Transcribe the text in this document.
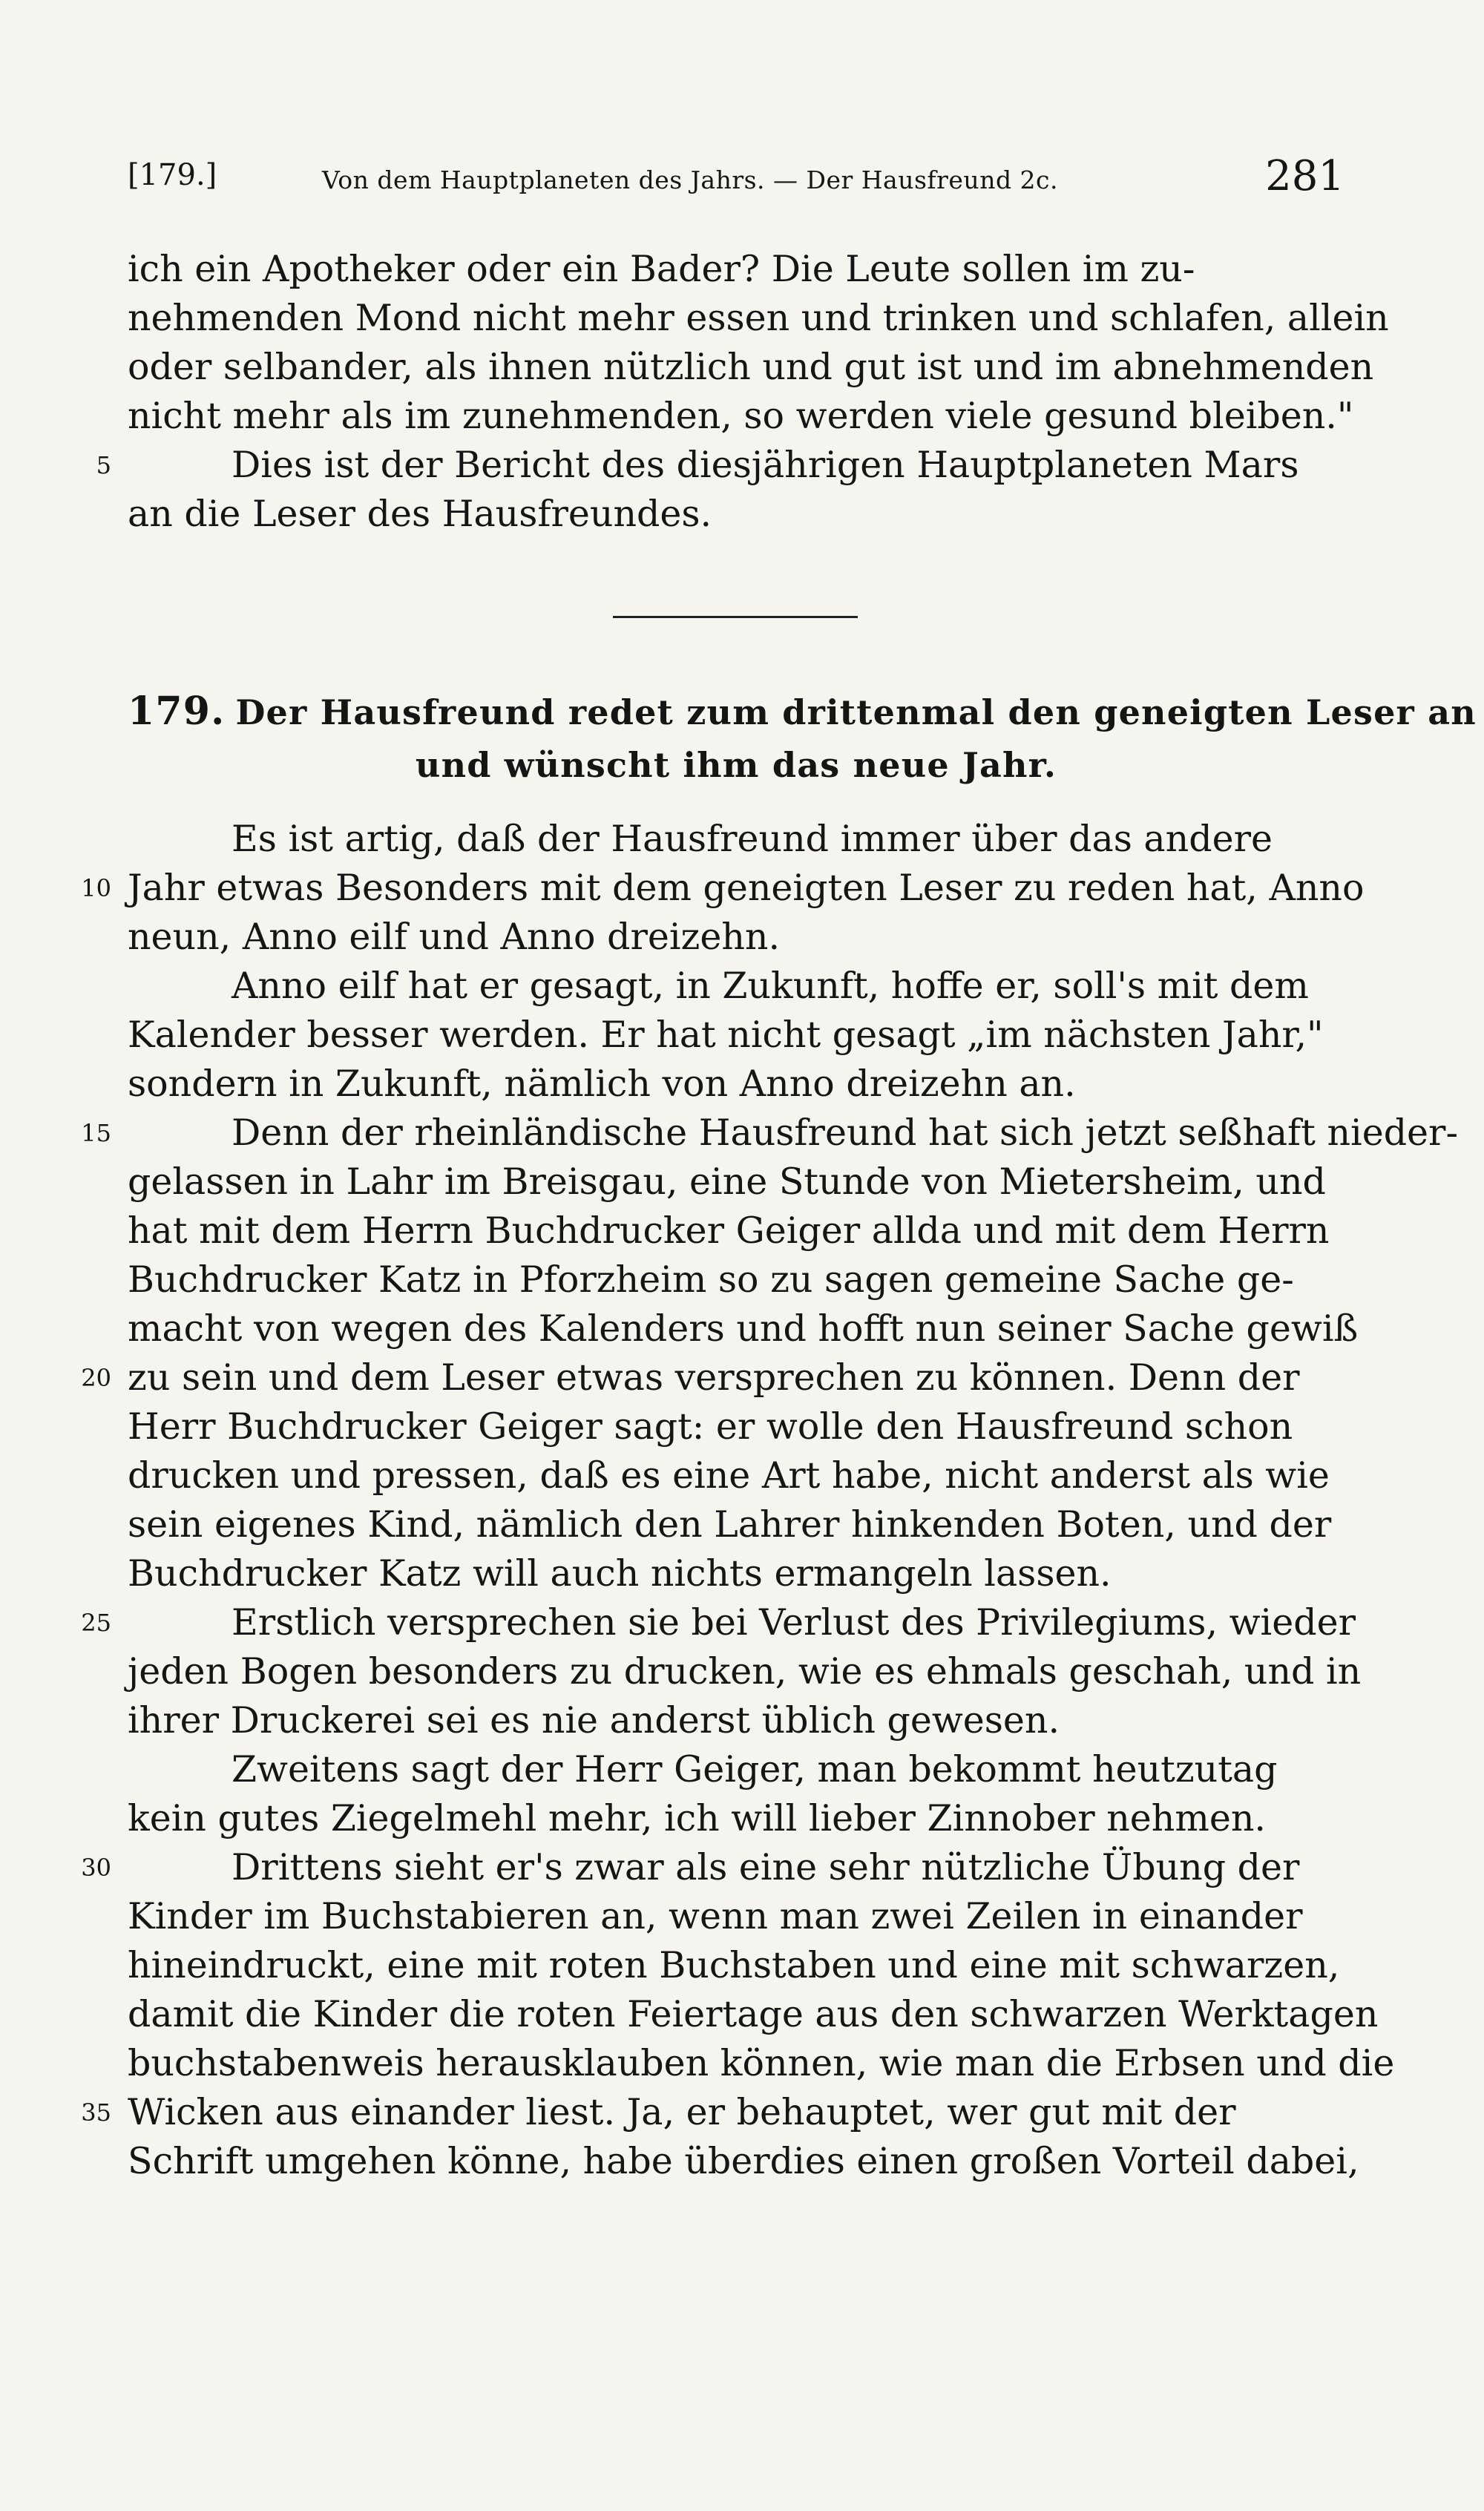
[179.]	Von dem Hauptplaneten des Jahrs. — Der Hausfreund 2c.	281
ich ein Apotheker oder ein Bader? Die Leute sollen im zu-
nehmenden Mond nicht mehr essen und trinken und schlafen, allein
oder selbander, als ihnen nützlich und gut ist und im abnehmenden
nicht mehr als im zunehmenden, so werden viele gesund bleiben."
Dies ist der Bericht des diesjährigen Hauptplaneten Mars
an die Leser des Hausfreundes.
179. Der Hausfreund redet zum drittenmal den geneigten Leser an
und wünscht ihm das neue Jahr.
Es ist artig, daß der Hausfreund immer über das andere
Jahr etwas Besonders mit dem geneigten Leser zu reden hat, Anno
neun, Anno eilf und Anno dreizehn.
Anno eilf hat er gesagt, in Zukunft, hoffe er, soll's mit dem
Kalender besser werden. Er hat nicht gesagt „im nächsten Jahr,"
sondern in Zukunft, nämlich von Anno dreizehn an.
Denn der rheinländische Hausfreund hat sich jetzt seßhaft nieder-
gelassen in Lahr im Breisgau, eine Stunde von Mietersheim, und
hat mit dem Herrn Buchdrucker Geiger allda und mit dem Herrn
Buchdrucker Katz in Pforzheim so zu sagen gemeine Sache ge-
macht von wegen des Kalenders und hofft nun seiner Sache gewiß
zu sein und dem Leser etwas versprechen zu können. Denn der
Herr Buchdrucker Geiger sagt: er wolle den Hausfreund schon
drucken und pressen, daß es eine Art habe, nicht anderst als wie
sein eigenes Kind, nämlich den Lahrer hinkenden Boten, und der
Buchdrucker Katz will auch nichts ermangeln lassen.
Erstlich versprechen sie bei Verlust des Privilegiums, wieder
jeden Bogen besonders zu drucken, wie es ehmals geschah, und in
ihrer Druckerei sei es nie anderst üblich gewesen.
Zweitens sagt der Herr Geiger, man bekommt heutzutag
kein gutes Ziegelmehl mehr, ich will lieber Zinnober nehmen.
Drittens sieht er's zwar als eine sehr nützliche Übung der
Kinder im Buchstabieren an, wenn man zwei Zeilen in einander
hineindruckt, eine mit roten Buchstaben und eine mit schwarzen,
damit die Kinder die roten Feiertage aus den schwarzen Werktagen
buchstabenweis herausklauben können, wie man die Erbsen und die
Wicken aus einander liest. Ja, er behauptet, wer gut mit der
Schrift umgehen könne, habe überdies einen großen Vorteil dabei,
5
10
15
20
25
30
35
